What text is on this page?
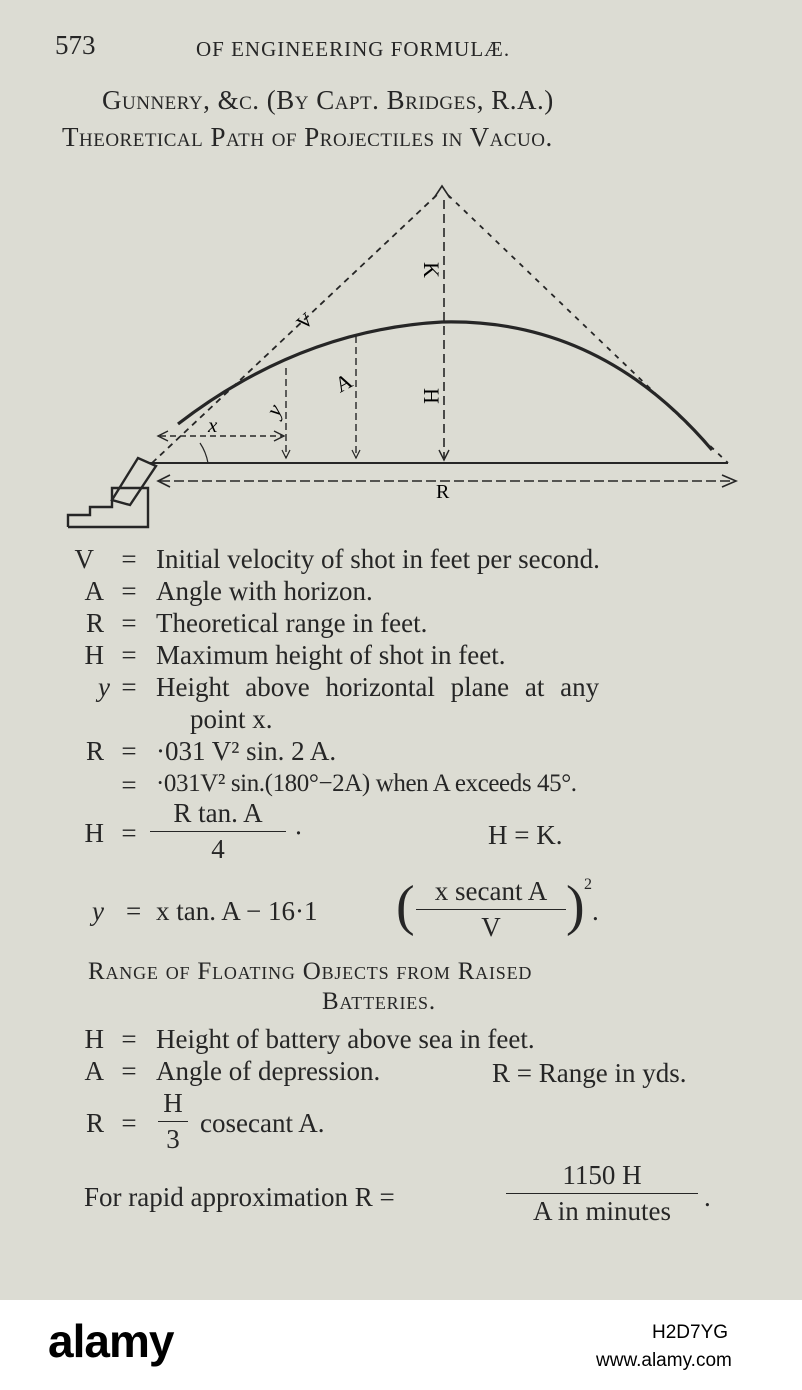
573	OF ENGINEERING FORMULÆ.
Gunnery, &c. (By Capt. Bridges, R.A.)
Theoretical Path of Projectiles in Vacuo.
V
K
H
A
y
x
R
V = Initial velocity of shot in feet per second.
A = Angle with horizon.
R = Theoretical range in feet.
H = Maximum height of shot in feet.
y = Height above horizontal plane at any
point x.
R = ·031 V² sin. 2 A.
= ·031V² sin.(180°−2A) when A exceeds 45°.
H =
R tan. A
4
·	H = K.
y = x tan. A − 16·1 ( x secant A
V	) 2
.
Range of Floating Objects from Raised
Batteries.
H = Height of battery above sea in feet.
A = Angle of depression.	R = Range in yds.
R =
H
3
cosecant A.
For rapid approximation R =
1150 H
A in minutes	.
alamy	H2D7YG
www.alamy.com
